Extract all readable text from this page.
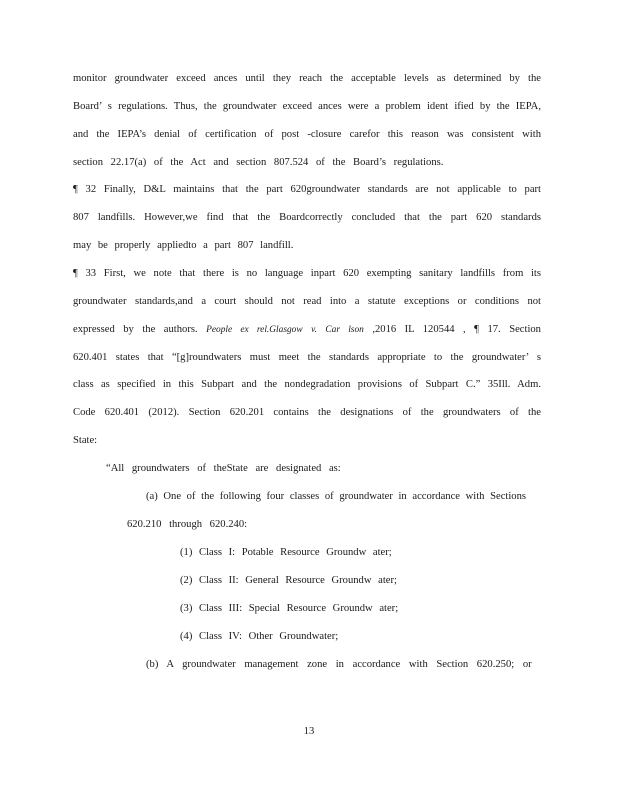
monitor groundwater exceed ances until they reach the acceptable levels as determined by the
Board’ s regulations. Thus, the groundwater exceed ances were a problem ident ified by the IEPA,
and the IEPA’s denial of certification of post -closure carefor this reason was consistent with
section 22.17(a) of the Act and section 807.524 of the Board’s regulations.
¶ 32 Finally, D&L maintains that the part 620groundwater standards are not applicable to part
807 landfills. However,we find that the Boardcorrectly concluded that the part 620 standards
may be properly appliedto a part 807 landfill.
¶ 33 First, we note that there is no language inpart 620 exempting sanitary landfills from its
groundwater standards,and a court should not read into a statute exceptions or conditions not
expressed by the authors. People ex rel.Glasgow v. Car lson ,2016 IL 120544 , ¶ 17. Section
620.401 states that “[g]roundwaters must meet the standards appropriate to the groundwater’ s
class as specified in this Subpart and the nondegradation provisions of Subpart C.” 35Ill. Adm.
Code 620.401 (2012). Section 620.201 contains the designations of the groundwaters of the
State:
“All groundwaters of theState are designated as:
(a) One of the following four classes of groundwater in accordance with Sections
620.210 through 620.240:
(1) Class I: Potable Resource Groundw ater;
(2) Class II: General Resource Groundw ater;
(3) Class III: Special Resource Groundw ater;
(4) Class IV: Other Groundwater;
(b) A groundwater management zone in accordance with Section 620.250; or
13
